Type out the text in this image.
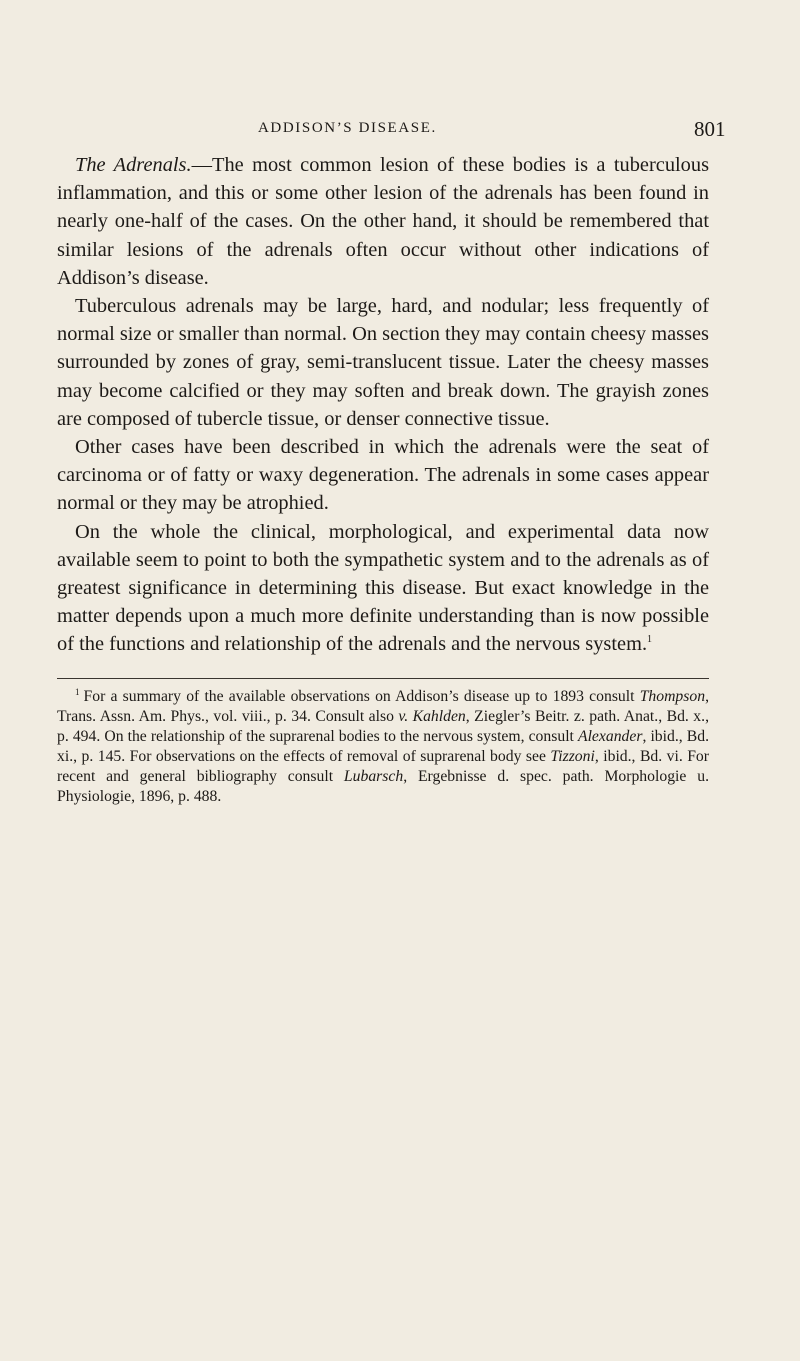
ADDISON’S DISEASE.	801

The Adrenals.—The most common lesion of these bodies is a tuberculous inflammation, and this or some other lesion of the adrenals has been found in nearly one-half of the cases. On the other hand, it should be remembered that similar lesions of the adrenals often occur without other indications of Addison’s disease.

Tuberculous adrenals may be large, hard, and nodular; less frequently of normal size or smaller than normal. On section they may contain cheesy masses surrounded by zones of gray, semi-translucent tissue. Later the cheesy masses may become calcified or they may soften and break down. The grayish zones are composed of tubercle tissue, or denser connective tissue.

Other cases have been described in which the adrenals were the seat of carcinoma or of fatty or waxy degeneration. The adrenals in some cases appear normal or they may be atrophied.

On the whole the clinical, morphological, and experimental data now available seem to point to both the sympathetic system and to the adrenals as of greatest significance in determining this disease. But exact knowledge in the matter depends upon a much more definite understanding than is now possible of the functions and relationship of the adrenals and the nervous system.$^1$

$^1$ For a summary of the available observations on Addison’s disease up to 1893 consult Thompson, Trans. Assn. Am. Phys., vol. viii., p. 34. Consult also v. Kahlden, Ziegler’s Beitr. z. path. Anat., Bd. x., p. 494. On the relationship of the suprarenal bodies to the nervous system, consult Alexander, ibid., Bd. xi., p. 145. For observations on the effects of removal of suprarenal body see Tizzoni, ibid., Bd. vi. For recent and general bibliography consult Lubarsch, Ergebnisse d. spec. path. Morphologie u. Physiologie, 1896, p. 488.
